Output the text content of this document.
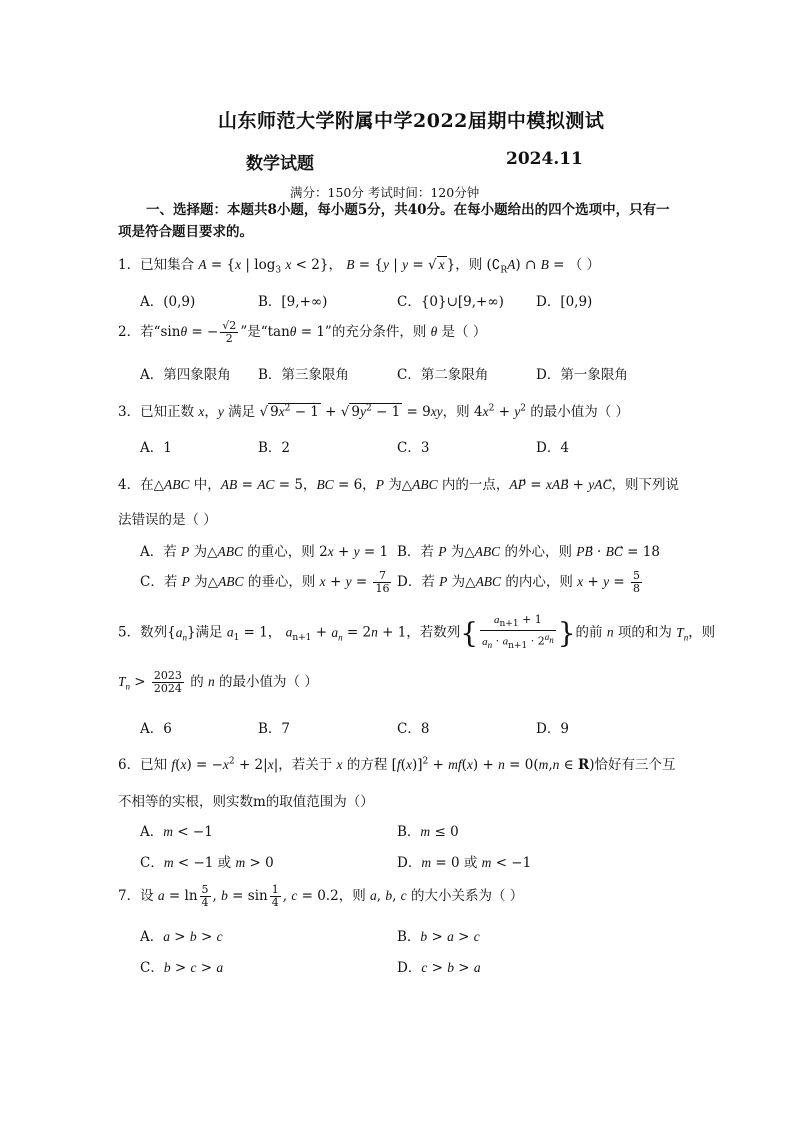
山东师范大学附属中学2022届期中模拟测试
数学试题	2024.11
满分：150分 考试时间：120分钟
一、选择题：本题共8小题，每小题5分，共40分。在每小题给出的四个选项中，只有一项是符合题目要求的。
1．已知集合 A = {x | $\log_3 x < 2$}， B = {y | y = √ x }，则 $(∁_RA)$ ∩ B = （ ）
A．(0,9)	B．[9,+∞)	C．{0}∪[9,+∞) D．[0,9)
2．若“sinθ = − $\frac{√2}{2}$ ”是“tanθ = 1”的充分条件，则 θ 是（ ）
A．第四象限角 B．第三象限角	C．第二象限角	D．第一象限角
3．已知正数 x，y 满足 √ $9x^2 - 1$ + √ $9y^2 - 1 = 9xy$，则 $4x^2 + y^2$ 的最小值为（ ）
A．1	B．2	C．3	D．4
4．在△ABC 中，AB = AC = 5，BC = 6，P 为△ABC 内的一点，AP⃗ = xAB⃗ + yAC⃗，则下列说
法错误的是（ ）
A．若 P 为△ABC 的重心，则 2x + y = 1 B．若 P 为△ABC 的外心，则 PB⃗ · BC⃗ = 18
C．若 P 为△ABC 的垂心，则 $x + y = \frac{7}{16}$ D．若 P 为△ABC 的内心，则 $x + y = \frac{5}{8}$
5．数列$\{a_n\}$满足 $a_1 = 1$， $a_{n+1} + a_n = 2n + 1$，若数列{ $\frac{a_{n+1} + 1}{a_n \cdot a_{n+1} \cdot 2^{a_n}}$ }的前 n 项的和为 $T_n$，则
$T_n > \frac{2023}{2024}$ 的 n 的最小值为（ ）
A．6	B．7	C．8	D．9
6．已知 $f(x) = -x^2 + 2|x|$，若关于 x 的方程 $[f(x)]^2 + mf(x) + n = 0(m,n$ ∈ R)恰好有三个互
不相等的实根，则实数m的取值范围为（）
A．m < −1	B．m ≤ 0
C．m < −1 或 m > 0	D．m = 0 或 m < −1
7．设 $a = \ln \frac{5}{4}$ , $b = \sin \frac{1}{4}$ , c = 0.2，则 a, b, c 的大小关系为（ ）
A．a > b > c	B．b > a > c
C．b > c > a	D．c > b > a
